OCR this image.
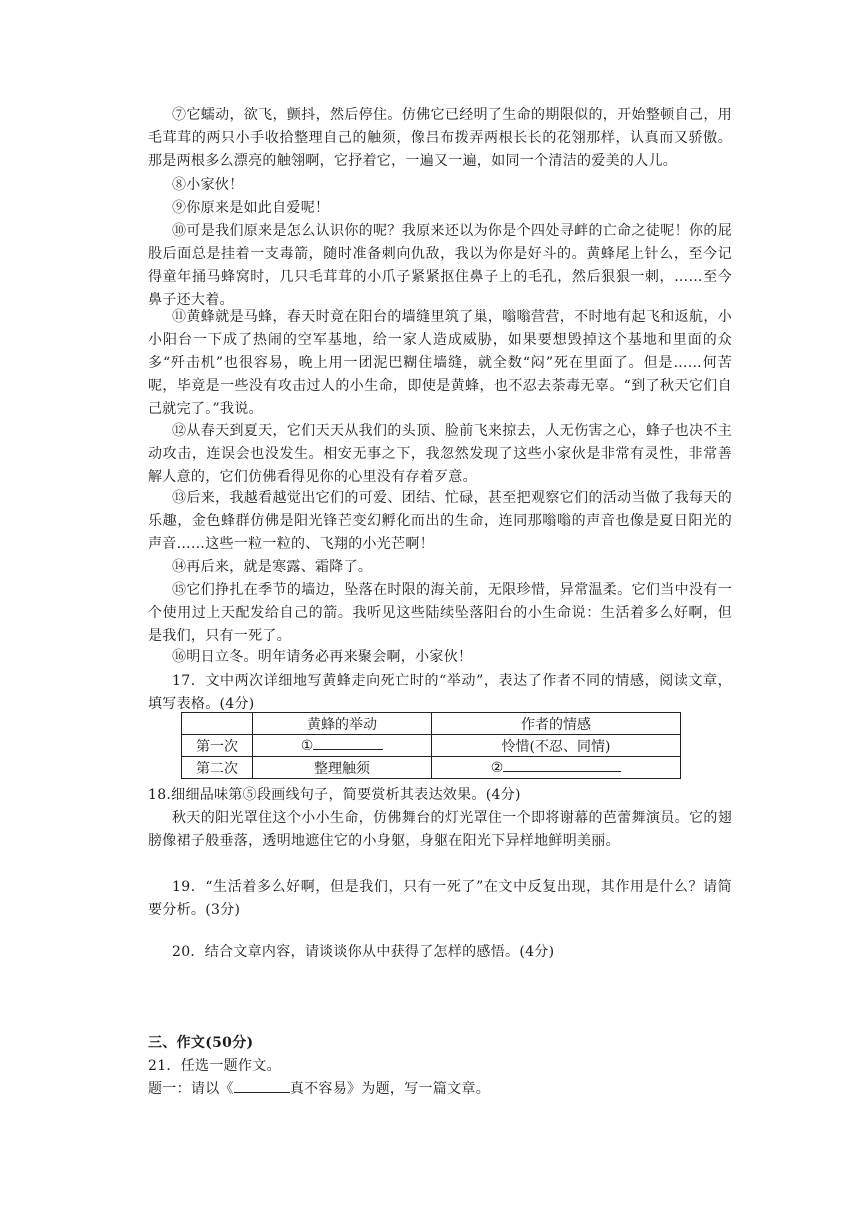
⑦它蠕动，欲飞，颤抖，然后停住。仿佛它已经明了生命的期限似的，开始整顿自己，用毛茸茸的两只小手收拾整理自己的触须，像吕布拨弄两根长长的花翎那样，认真而又骄傲。那是两根多么漂亮的触翎啊，它抒着它，一遍又一遍，如同一个清洁的爱美的人儿。

⑧小家伙！

⑨你原来是如此自爱呢！

⑩可是我们原来是怎么认识你的呢？我原来还以为你是个四处寻衅的亡命之徒呢！你的屁股后面总是挂着一支毒箭，随时准备刺向仇敌，我以为你是好斗的。黄蜂尾上针么，至今记得童年捅马蜂窝时，几只毛茸茸的小爪子紧紧抠住鼻子上的毛孔，然后狠狠一刺，……至今鼻子还大着。

⑪黄蜂就是马蜂，春天时竟在阳台的墙缝里筑了巢，嗡嗡营营，不时地有起飞和返航，小小阳台一下成了热闹的空军基地，给一家人造成威胁，如果要想毁掉这个基地和里面的众多“歼击机”也很容易，晚上用一团泥巴糊住墙缝，就全数“闷”死在里面了。但是……何苦呢，毕竟是一些没有攻击过人的小生命，即使是黄蜂，也不忍去荼毒无辜。“到了秋天它们自己就完了。”我说。

⑫从春天到夏天，它们天天从我们的头顶、脸前飞来掠去，人无伤害之心，蜂子也决不主动攻击，连误会也没发生。相安无事之下，我忽然发现了这些小家伙是非常有灵性，非常善解人意的，它们仿佛看得见你的心里没有存着歹意。

⑬后来，我越看越觉出它们的可爱、团结、忙碌，甚至把观察它们的活动当做了我每天的乐趣，金色蜂群仿佛是阳光锋芒变幻孵化而出的生命，连同那嗡嗡的声音也像是夏日阳光的声音……这些一粒一粒的、飞翔的小光芒啊！

⑭再后来，就是寒露、霜降了。

⑮它们挣扎在季节的墙边，坠落在时限的海关前，无限珍惜，异常温柔。它们当中没有一个使用过上天配发给自己的箭。我听见这些陆续坠落阳台的小生命说：生活着多么好啊，但是我们，只有一死了。

⑯明日立冬。明年请务必再来聚会啊，小家伙！

17．文中两次详细地写黄蜂走向死亡时的“举动”，表达了作者不同的情感，阅读文章，填写表格。(4分)

	黄蜂的举动	作者的情感
第一次	①	怜惜(不忍、同情)
第二次	整理触须	②

18.细细品味第⑤段画线句子，简要赏析其表达效果。(4分)

秋天的阳光罩住这个小小生命，仿佛舞台的灯光罩住一个即将谢幕的芭蕾舞演员。它的翅膀像裙子般垂落，透明地遮住它的小身躯，身躯在阳光下异样地鲜明美丽。

19．“生活着多么好啊，但是我们，只有一死了”在文中反复出现，其作用是什么？请简要分析。(3分)

20．结合文章内容，请谈谈你从中获得了怎样的感悟。(4分)

三、作文(50分)

21．任选一题作文。

题一：请以《	真不容易》为题，写一篇文章。
